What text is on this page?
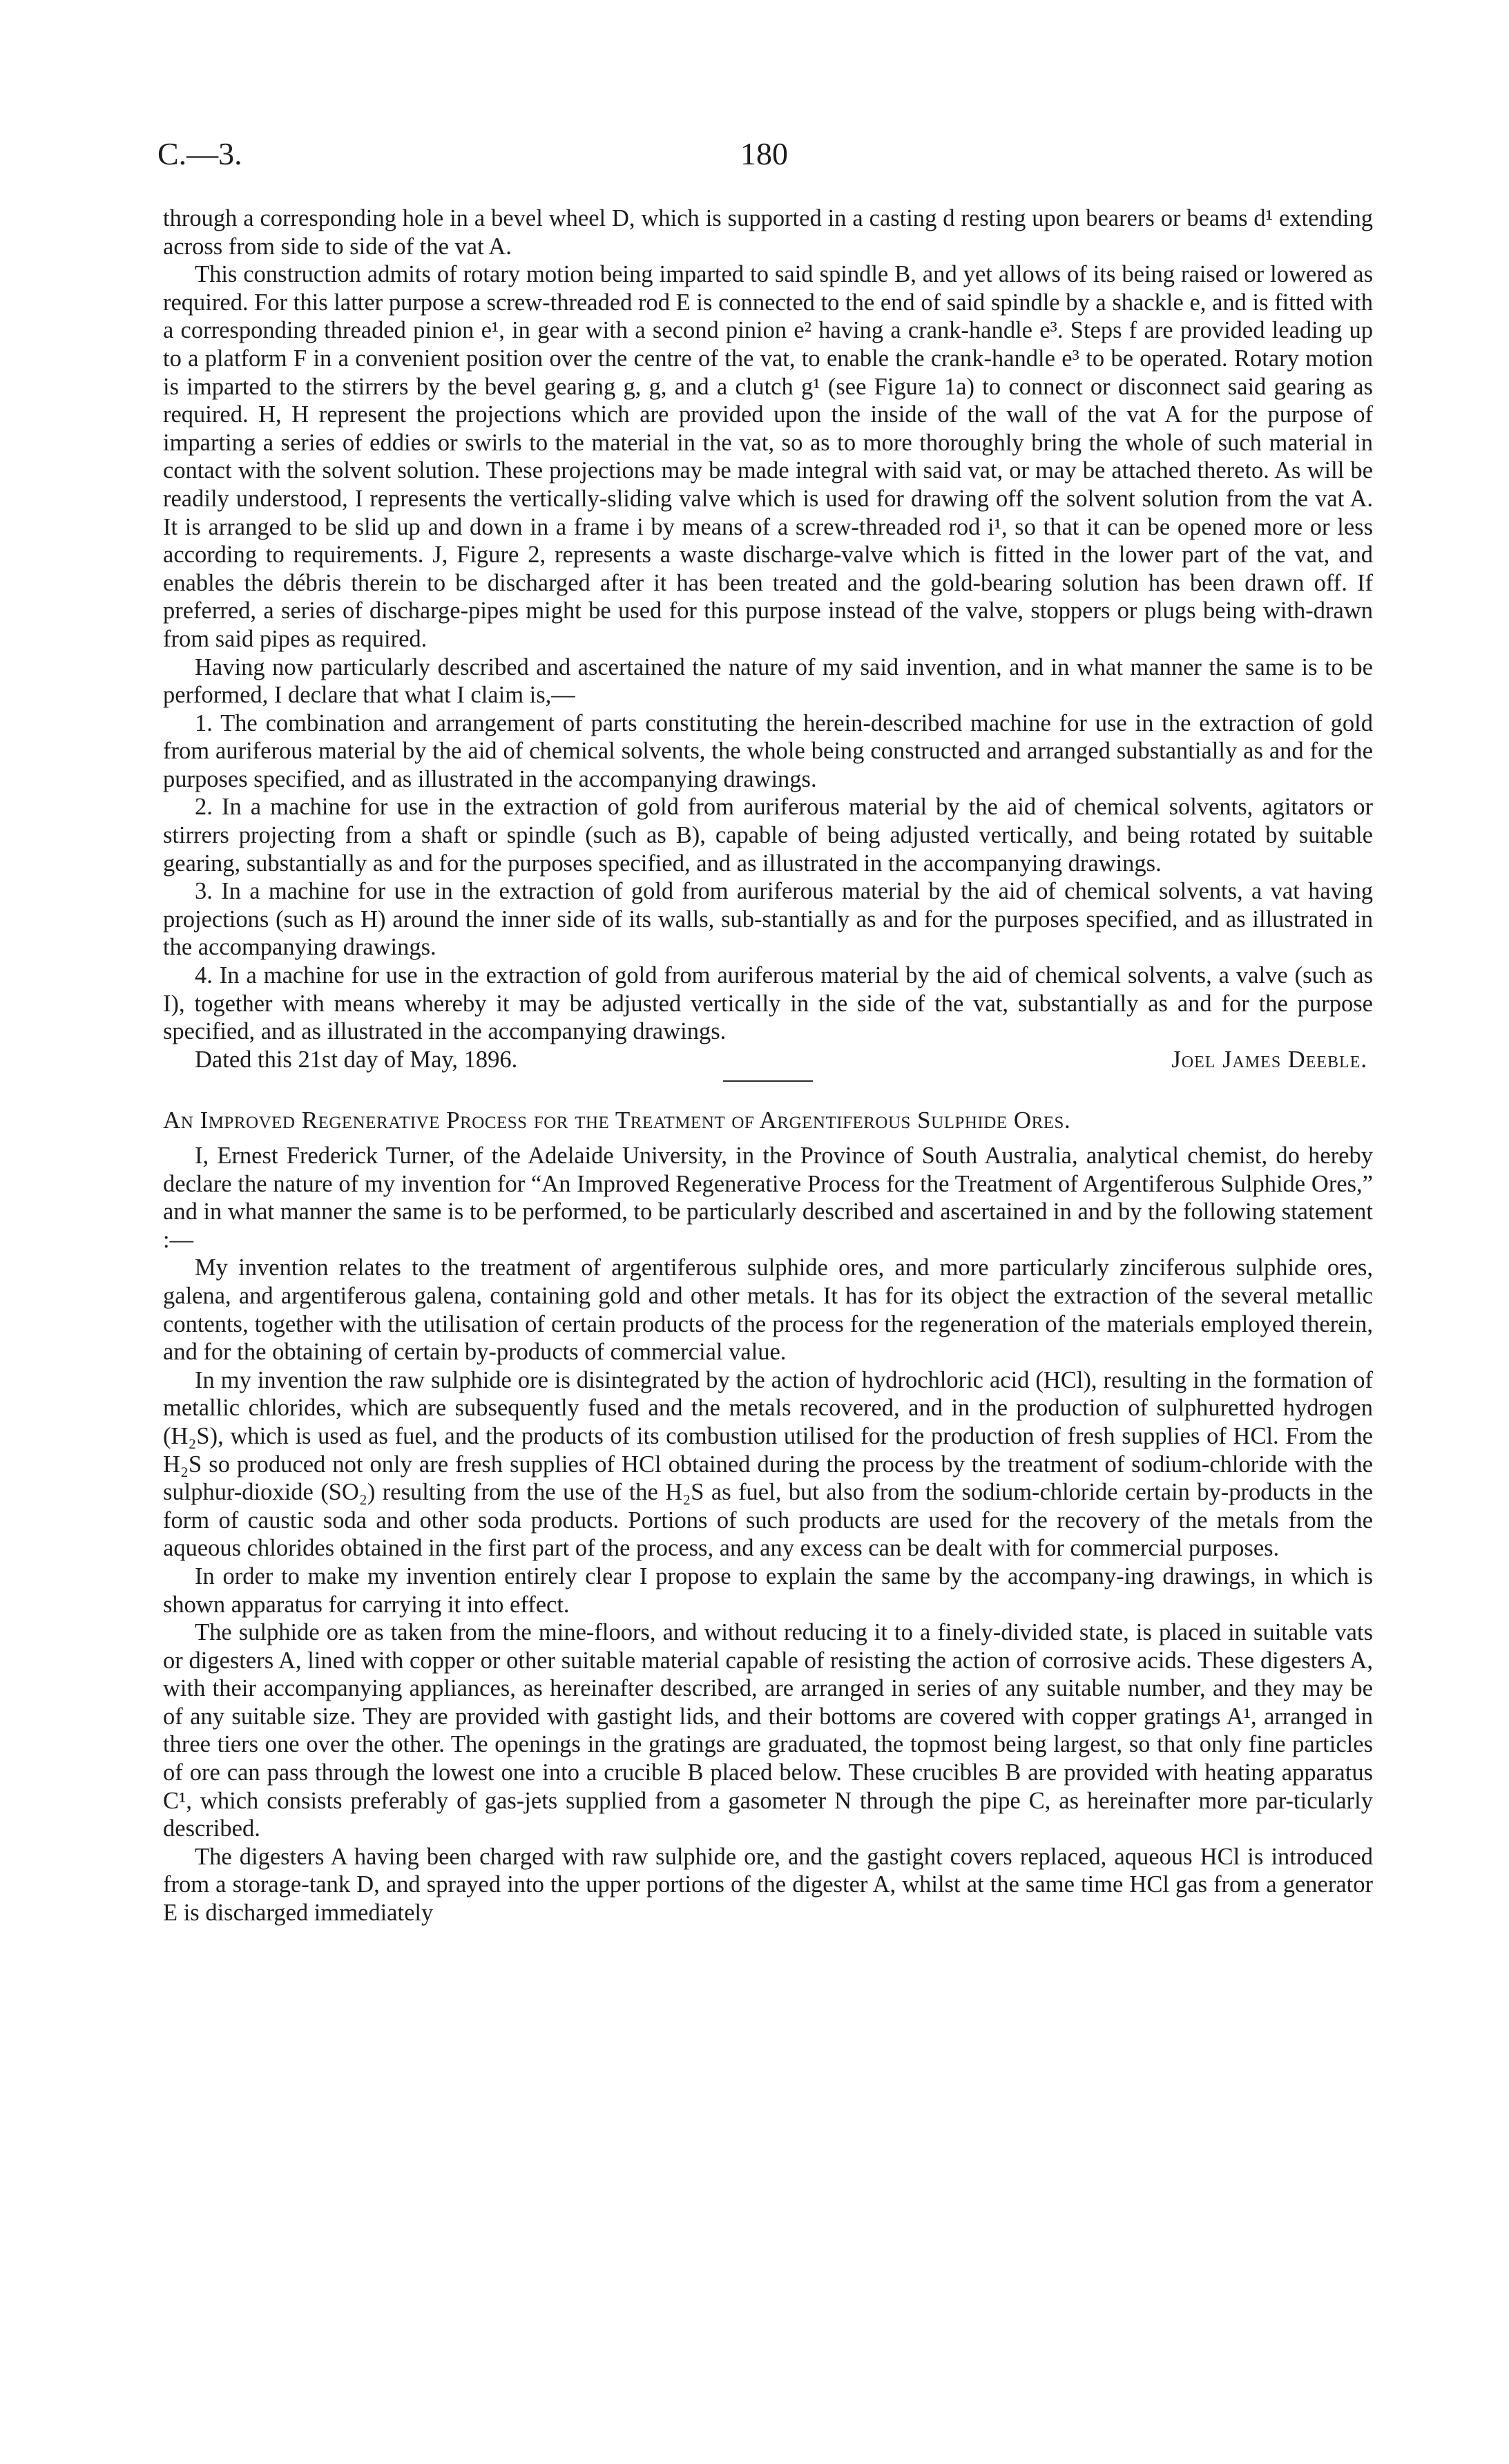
C.—3.	180

through a corresponding hole in a bevel wheel D, which is supported in a casting d resting upon bearers or beams d¹ extending across from side to side of the vat A.

This construction admits of rotary motion being imparted to said spindle B, and yet allows of its being raised or lowered as required. For this latter purpose a screw-threaded rod E is connected to the end of said spindle by a shackle e, and is fitted with a corresponding threaded pinion e¹, in gear with a second pinion e² having a crank-handle e³. Steps f are provided leading up to a platform F in a convenient position over the centre of the vat, to enable the crank-handle e³ to be operated. Rotary motion is imparted to the stirrers by the bevel gearing g, g, and a clutch g¹ (see Figure 1a) to connect or disconnect said gearing as required. H, H represent the projections which are provided upon the inside of the wall of the vat A for the purpose of imparting a series of eddies or swirls to the material in the vat, so as to more thoroughly bring the whole of such material in contact with the solvent solution. These projections may be made integral with said vat, or may be attached thereto. As will be readily understood, I represents the vertically-sliding valve which is used for drawing off the solvent solution from the vat A. It is arranged to be slid up and down in a frame i by means of a screw-threaded rod i¹, so that it can be opened more or less according to requirements. J, Figure 2, represents a waste discharge-valve which is fitted in the lower part of the vat, and enables the débris therein to be discharged after it has been treated and the gold-bearing solution has been drawn off. If preferred, a series of discharge-pipes might be used for this purpose instead of the valve, stoppers or plugs being with-drawn from said pipes as required.

Having now particularly described and ascertained the nature of my said invention, and in what manner the same is to be performed, I declare that what I claim is,—

1. The combination and arrangement of parts constituting the herein-described machine for use in the extraction of gold from auriferous material by the aid of chemical solvents, the whole being constructed and arranged substantially as and for the purposes specified, and as illustrated in the accompanying drawings.

2. In a machine for use in the extraction of gold from auriferous material by the aid of chemical solvents, agitators or stirrers projecting from a shaft or spindle (such as B), capable of being adjusted vertically, and being rotated by suitable gearing, substantially as and for the purposes specified, and as illustrated in the accompanying drawings.

3. In a machine for use in the extraction of gold from auriferous material by the aid of chemical solvents, a vat having projections (such as H) around the inner side of its walls, sub-stantially as and for the purposes specified, and as illustrated in the accompanying drawings.

4. In a machine for use in the extraction of gold from auriferous material by the aid of chemical solvents, a valve (such as I), together with means whereby it may be adjusted vertically in the side of the vat, substantially as and for the purpose specified, and as illustrated in the accompanying drawings.

Dated this 21st day of May, 1896.	Joel James Deeble.

An Improved Regenerative Process for the Treatment of Argentiferous Sulphide Ores.

I, Ernest Frederick Turner, of the Adelaide University, in the Province of South Australia, analytical chemist, do hereby declare the nature of my invention for “An Improved Regenerative Process for the Treatment of Argentiferous Sulphide Ores,” and in what manner the same is to be performed, to be particularly described and ascertained in and by the following statement :—

My invention relates to the treatment of argentiferous sulphide ores, and more particularly zinciferous sulphide ores, galena, and argentiferous galena, containing gold and other metals. It has for its object the extraction of the several metallic contents, together with the utilisation of certain products of the process for the regeneration of the materials employed therein, and for the obtaining of certain by-products of commercial value.

In my invention the raw sulphide ore is disintegrated by the action of hydrochloric acid (HCl), resulting in the formation of metallic chlorides, which are subsequently fused and the metals recovered, and in the production of sulphuretted hydrogen (H₂S), which is used as fuel, and the products of its combustion utilised for the production of fresh supplies of HCl. From the H₂S so produced not only are fresh supplies of HCl obtained during the process by the treatment of sodium-chloride with the sulphur-dioxide (SO₂) resulting from the use of the H₂S as fuel, but also from the sodium-chloride certain by-products in the form of caustic soda and other soda products. Portions of such products are used for the recovery of the metals from the aqueous chlorides obtained in the first part of the process, and any excess can be dealt with for commercial purposes.

In order to make my invention entirely clear I propose to explain the same by the accompany-ing drawings, in which is shown apparatus for carrying it into effect.

The sulphide ore as taken from the mine-floors, and without reducing it to a finely-divided state, is placed in suitable vats or digesters A, lined with copper or other suitable material capable of resisting the action of corrosive acids. These digesters A, with their accompanying appliances, as hereinafter described, are arranged in series of any suitable number, and they may be of any suitable size. They are provided with gastight lids, and their bottoms are covered with copper gratings A¹, arranged in three tiers one over the other. The openings in the gratings are graduated, the topmost being largest, so that only fine particles of ore can pass through the lowest one into a crucible B placed below. These crucibles B are provided with heating apparatus C¹, which consists preferably of gas-jets supplied from a gasometer N through the pipe C, as hereinafter more par-ticularly described.

The digesters A having been charged with raw sulphide ore, and the gastight covers replaced, aqueous HCl is introduced from a storage-tank D, and sprayed into the upper portions of the digester A, whilst at the same time HCl gas from a generator E is discharged immediately
